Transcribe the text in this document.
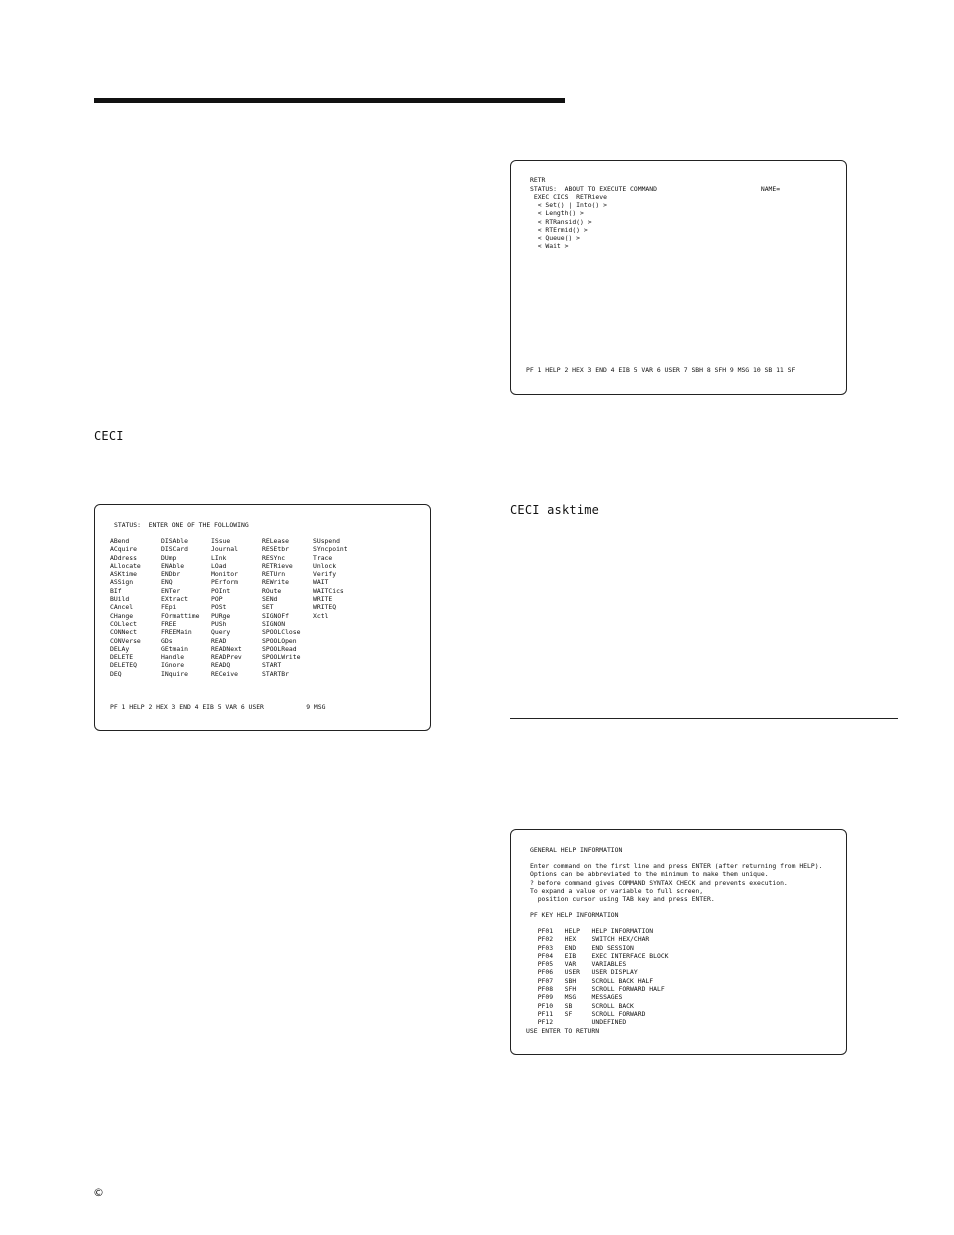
RETR
STATUS:  ABOUT TO EXECUTE COMMAND                           NAME=
EXEC CICS  RETRieve
< Set() | Into() >
< Length() >
< RTRansid() >
< RTErmid() >
< Queue() >
< Wait >
PF 1 HELP 2 HEX 3 END 4 EIB 5 VAR 6 USER 7 SBH 8 SFH 9 MSG 10 SB 11 SF
CECI
CECI asktime
STATUS:  ENTER ONE OF THE FOLLOWING
ABend
ACquire
ADdress
ALlocate
ASKtime
ASSign
BIf
BUild
CAncel
CHange
COLlect
CONNect
CONVerse
DELAy
DELETE
DELETEQ
DEQ
DISAble
DISCard
DUmp
ENAble
ENDbr
ENQ
ENTer
EXtract
FEpi
FOrmattime
FREE
FREEMain
GDs
GEtmain
Handle
IGnore
INquire
ISsue
Journal
LInk
LOad
Monitor
PErform
POInt
POP
POSt
PURge
PUSh
Query
READ
READNext
READPrev
READQ
RECeive
RELease
RESEtbr
RESYnc
RETRieve
RETUrn
REWrite
ROute
SENd
SET
SIGNOFf
SIGNON
SPOOLClose
SPOOLOpen
SPOOLRead
SPOOLWrite
START
STARTBr
SUspend
SYncpoint
Trace
Unlock
Verify
WAIT
WAITCics
WRITE
WRITEQ
Xctl
PF 1 HELP 2 HEX 3 END 4 EIB 5 VAR 6 USER           9 MSG
GENERAL HELP INFORMATION
Enter command on the first line and press ENTER (after returning from HELP).
Options can be abbreviated to the minimum to make them unique.
? before command gives COMMAND SYNTAX CHECK and prevents execution.
To expand a value or variable to full screen,
position cursor using TAB key and press ENTER.
PF KEY HELP INFORMATION
PF01   HELP   HELP INFORMATION
PF02   HEX    SWITCH HEX/CHAR
PF03   END    END SESSION
PF04   EIB    EXEC INTERFACE BLOCK
PF05   VAR    VARIABLES
PF06   USER   USER DISPLAY
PF07   SBH    SCROLL BACK HALF
PF08   SFH    SCROLL FORWARD HALF
PF09   MSG    MESSAGES
PF10   SB     SCROLL BACK
PF11   SF     SCROLL FORWARD
PF12          UNDEFINED
USE ENTER TO RETURN
©
